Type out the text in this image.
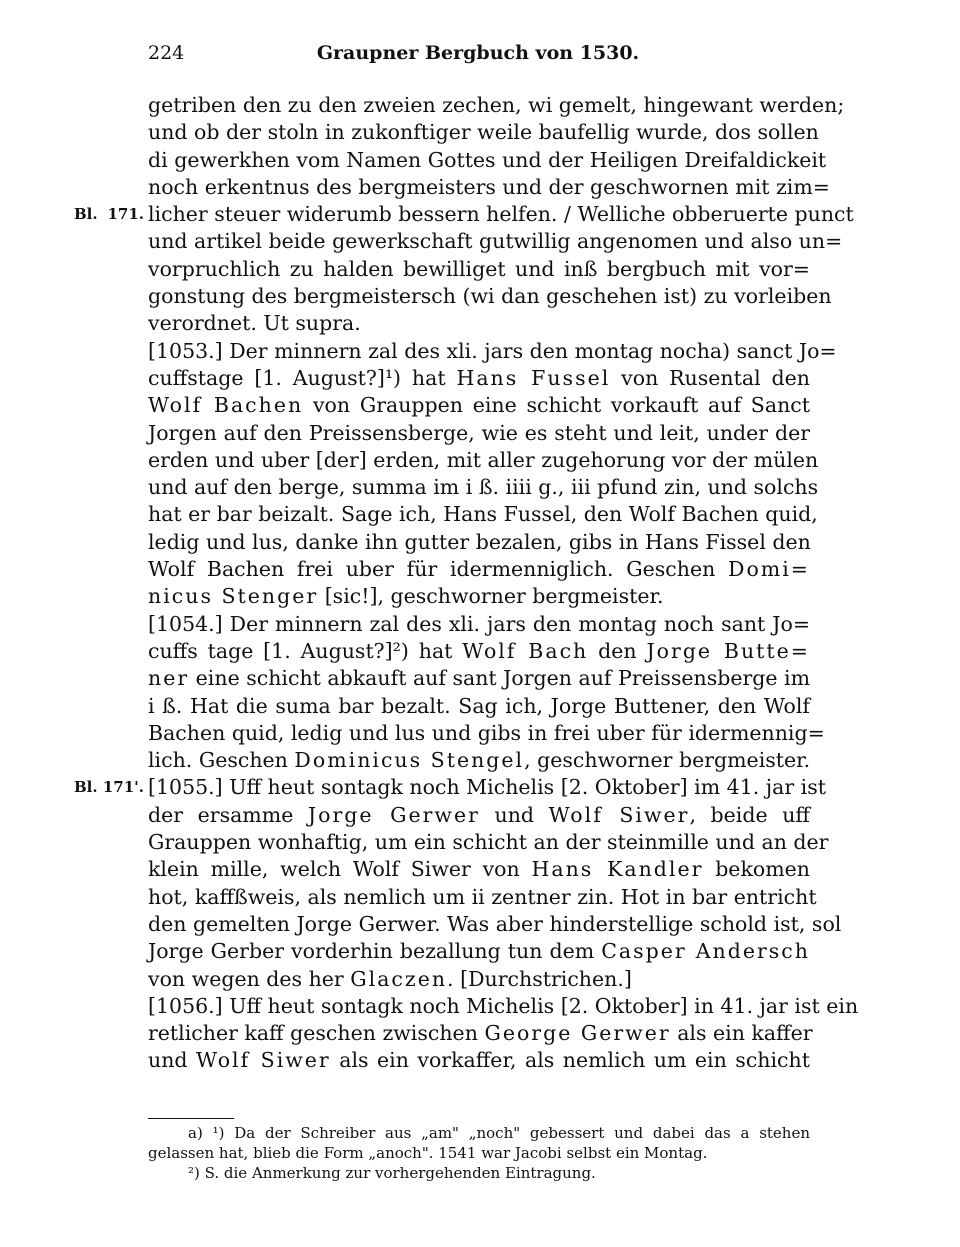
224	Graupner Bergbuch von 1530.
getriben den zu den zweien zechen, wi gemelt, hingewant werden;
und ob der stoln in zukonftiger weile baufellig wurde, dos sollen
di gewerkhen vom Namen Gottes und der Heiligen Dreifaldickeit
noch erkentnus des bergmeisters und der geschwornen mit zim=
Bl. 171. licher steuer widerumb bessern helfen. / Welliche obberuerte punct
und artikel beide gewerkschaft gutwillig angenomen und also un=
vorpruchlich zu halden bewilliget und inß bergbuch mit vor=
gonstung des bergmeistersch (wi dan geschehen ist) zu vorleiben
verordnet. Ut supra.
[1053.] Der minnern zal des xli. jars den montag nocha) sanct Jo=
cuffstage [1. August?]¹) hat Hans Fussel von Rusental den
Wolf Bachen von Grauppen eine schicht vorkauft auf Sanct
Jorgen auf den Preissensberge, wie es steht und leit, under der
erden und uber [der] erden, mit aller zugehorung vor der mülen
und auf den berge, summa im i ß. iiii g., iii pfund zin, und solchs
hat er bar beizalt. Sage ich, Hans Fussel, den Wolf Bachen quid,
ledig und lus, danke ihn gutter bezalen, gibs in Hans Fissel den
Wolf Bachen frei uber für idermenniglich. Geschen Domi=
nicus Stenger [sic!], geschworner bergmeister.
[1054.] Der minnern zal des xli. jars den montag noch sant Jo=
cuffs tage [1. August?]²) hat Wolf Bach den Jorge Butte=
ner eine schicht abkauft auf sant Jorgen auf Preissensberge im
i ß. Hat die suma bar bezalt. Sag ich, Jorge Buttener, den Wolf
Bachen quid, ledig und lus und gibs in frei uber für idermennig=
lich. Geschen Dominicus Stengel, geschworner bergmeister.
Bl. 171'. [1055.] Uff heut sontagk noch Michelis [2. Oktober] im 41. jar ist
der ersamme Jorge Gerwer und Wolf Siwer, beide uff
Grauppen wonhaftig, um ein schicht an der steinmille und an der
klein mille, welch Wolf Siwer von Hans Kandler bekomen
hot, kaffßweis, als nemlich um ii zentner zin. Hot in bar entricht
den gemelten Jorge Gerwer. Was aber hinderstellige schold ist, sol
Jorge Gerber vorderhin bezallung tun dem Casper Andersch
von wegen des her Glaczen. [Durchstrichen.]
[1056.] Uff heut sontagk noch Michelis [2. Oktober] in 41. jar ist ein
retlicher kaff geschen zwischen George Gerwer als ein kaffer
und Wolf Siwer als ein vorkaffer, als nemlich um ein schicht
a) ¹) Da der Schreiber aus „am" „noch" gebessert und dabei das a stehen
gelassen hat, blieb die Form „anoch". 1541 war Jacobi selbst ein Montag.
²) S. die Anmerkung zur vorhergehenden Eintragung.
